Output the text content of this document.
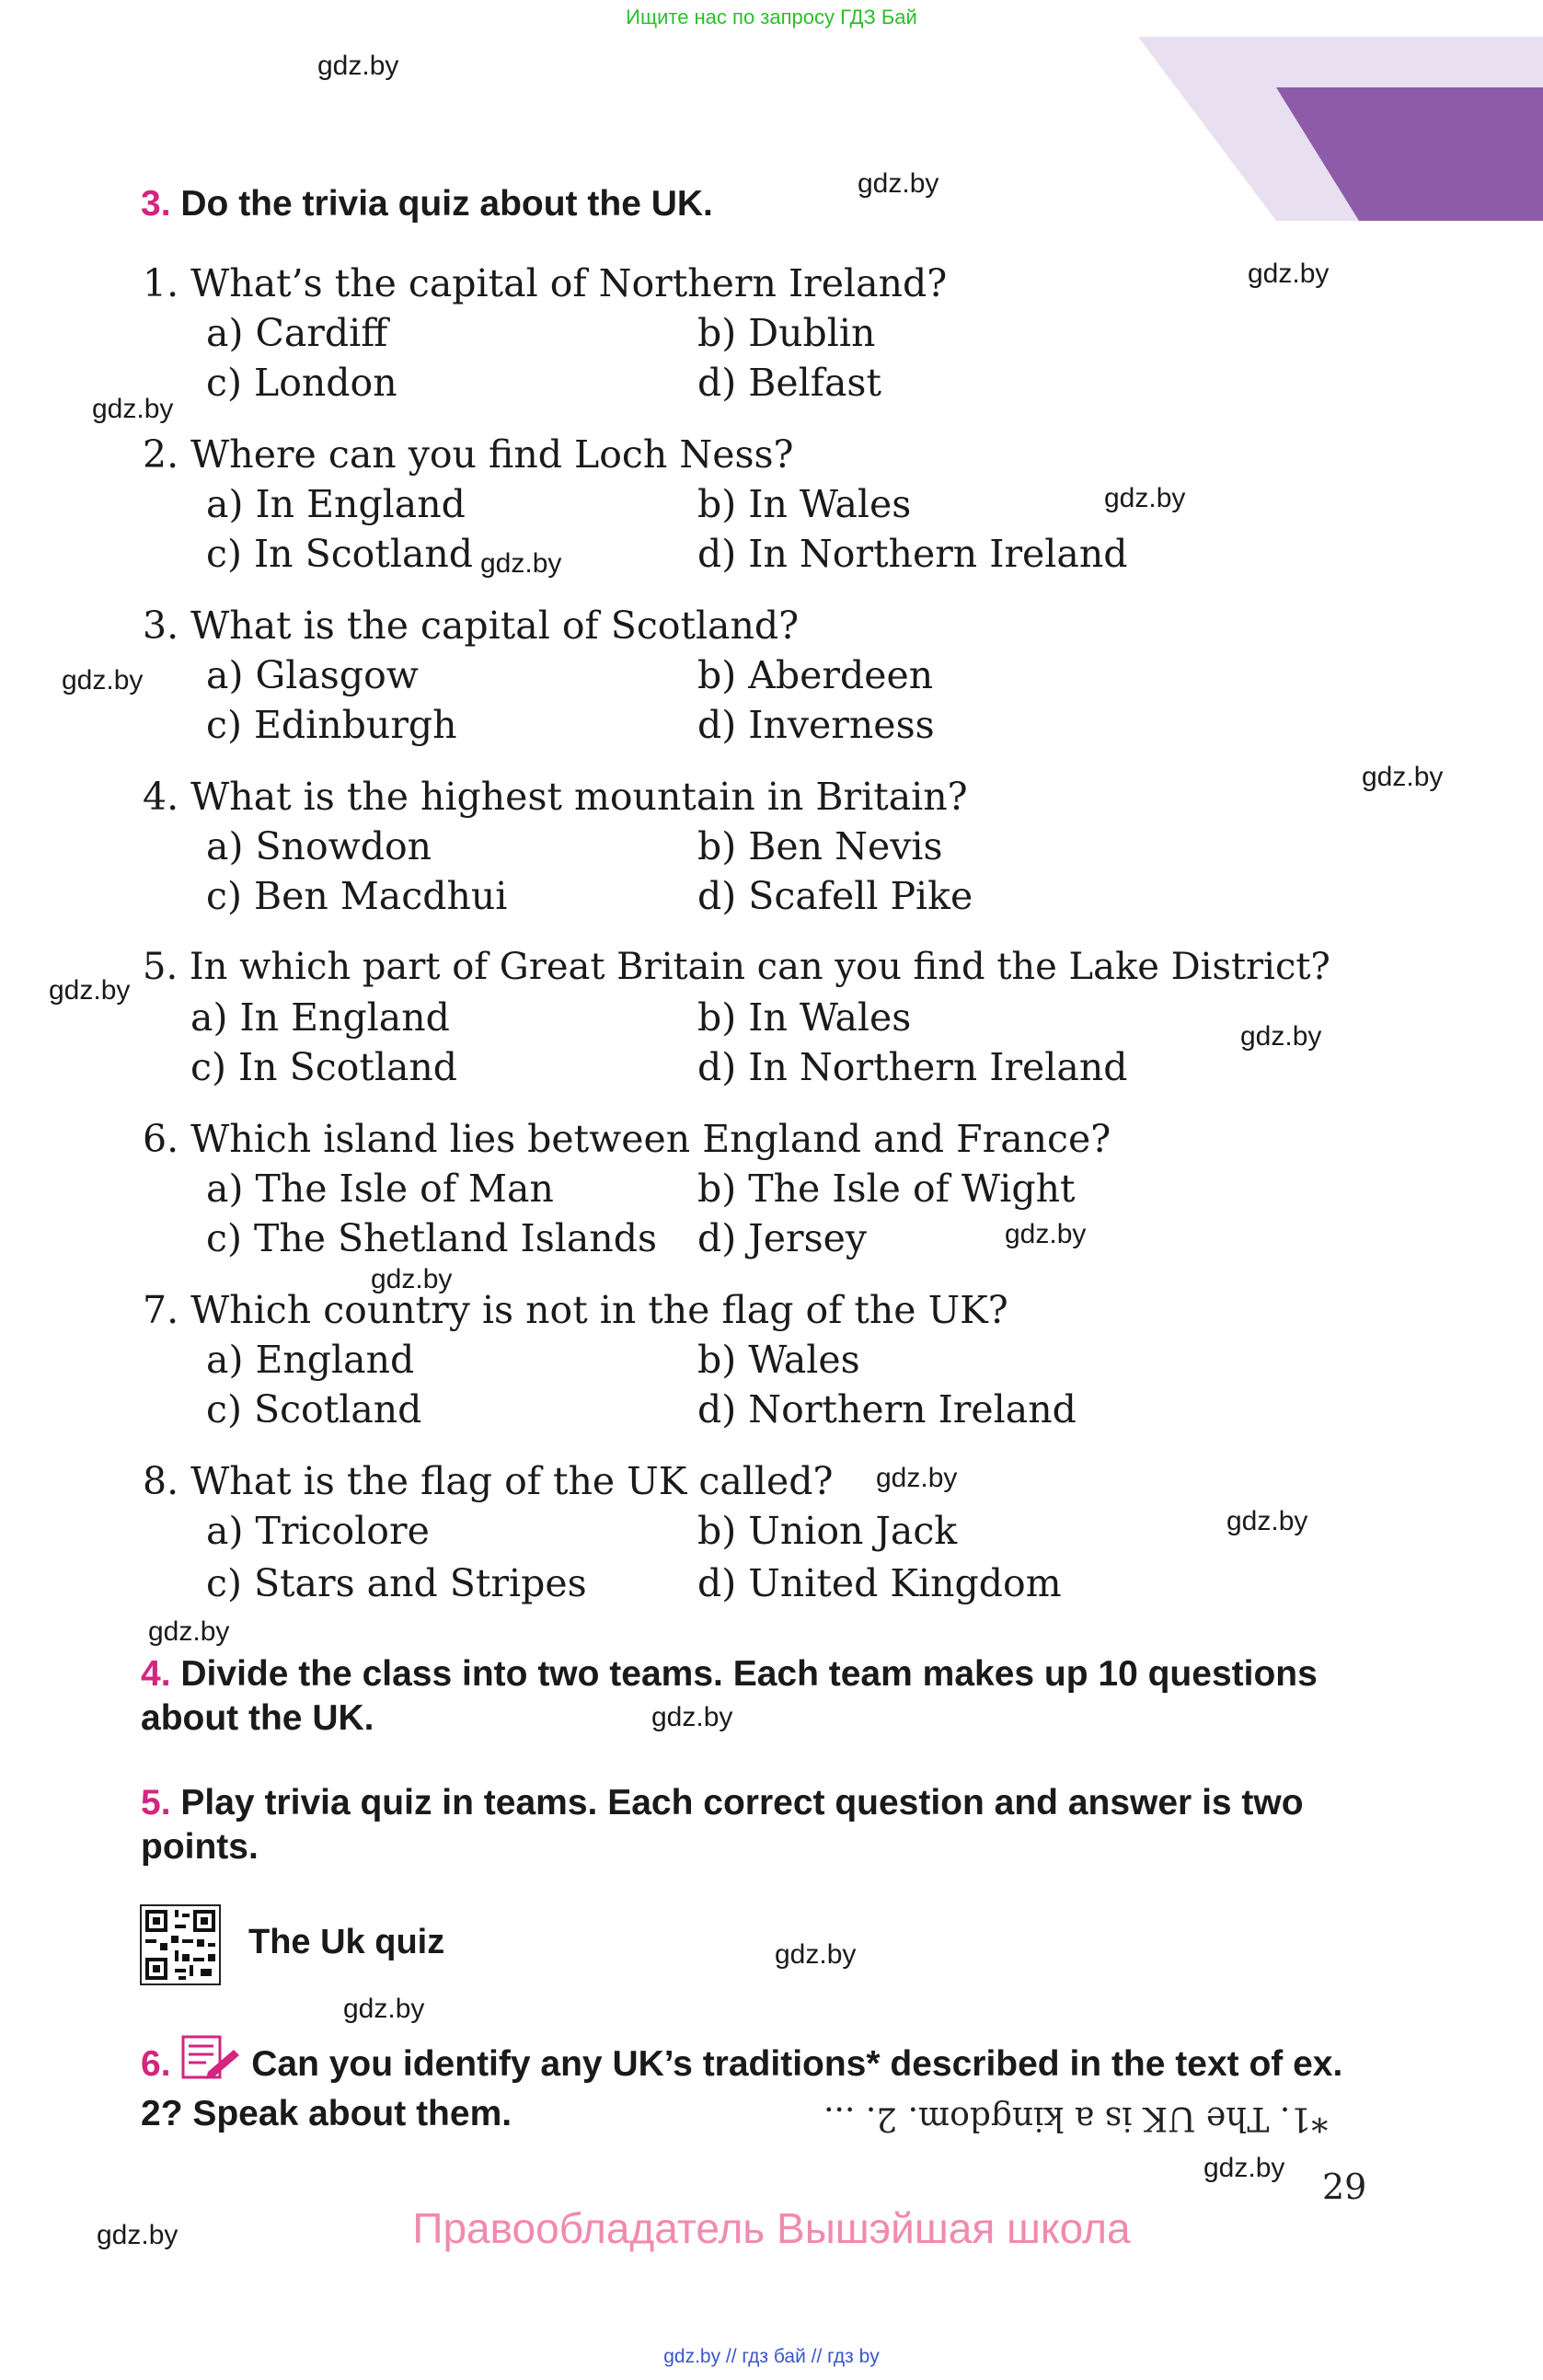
Ищите нас по запросу ГДЗ Бай
gdz.by
gdz.by
gdz.by
gdz.by
gdz.by
gdz.by
gdz.by
gdz.by
gdz.by
gdz.by
gdz.by
gdz.by
gdz.by
gdz.by
gdz.by
gdz.by
gdz.by
gdz.by
gdz.by
gdz.by
3. Do the trivia quiz about the UK.
1. What’s the capital of Northern Ireland?
a) Cardiff	b) Dublin
c) London	d) Belfast
2. Where can you find Loch Ness?
a) In England	b) In Wales
c) In Scotland	d) In Northern Ireland
3. What is the capital of Scotland?
a) Glasgow	b) Aberdeen
c) Edinburgh	d) Inverness
4. What is the highest mountain in Britain?
a) Snowdon	b) Ben Nevis
c) Ben Macdhui	d) Scafell Pike
5. In which part of Great Britain can you find the Lake District?
a) In England	b) In Wales
c) In Scotland	d) In Northern Ireland
6. Which island lies between England and France?
a) The Isle of Man	b) The Isle of Wight
c) The Shetland Islands d) Jersey
7. Which country is not in the flag of the UK?
a) England	b) Wales
c) Scotland	d) Northern Ireland
8. What is the flag of the UK called?
a) Tricolore	b) Union Jack
c) Stars and Stripes	d) United Kingdom
4. Divide the class into two teams. Each team makes up 10 questions about the UK.
5. Play trivia quiz in teams. Each correct question and answer is two points.
The Uk quiz
6. Can you identify any UK’s traditions* described in the text of ex. 2? Speak about them.	*1. The UK is a kingdom. 2. ...
29
Правообладатель Вышэйшая школа
gdz.by // гдз бай // гдз by
